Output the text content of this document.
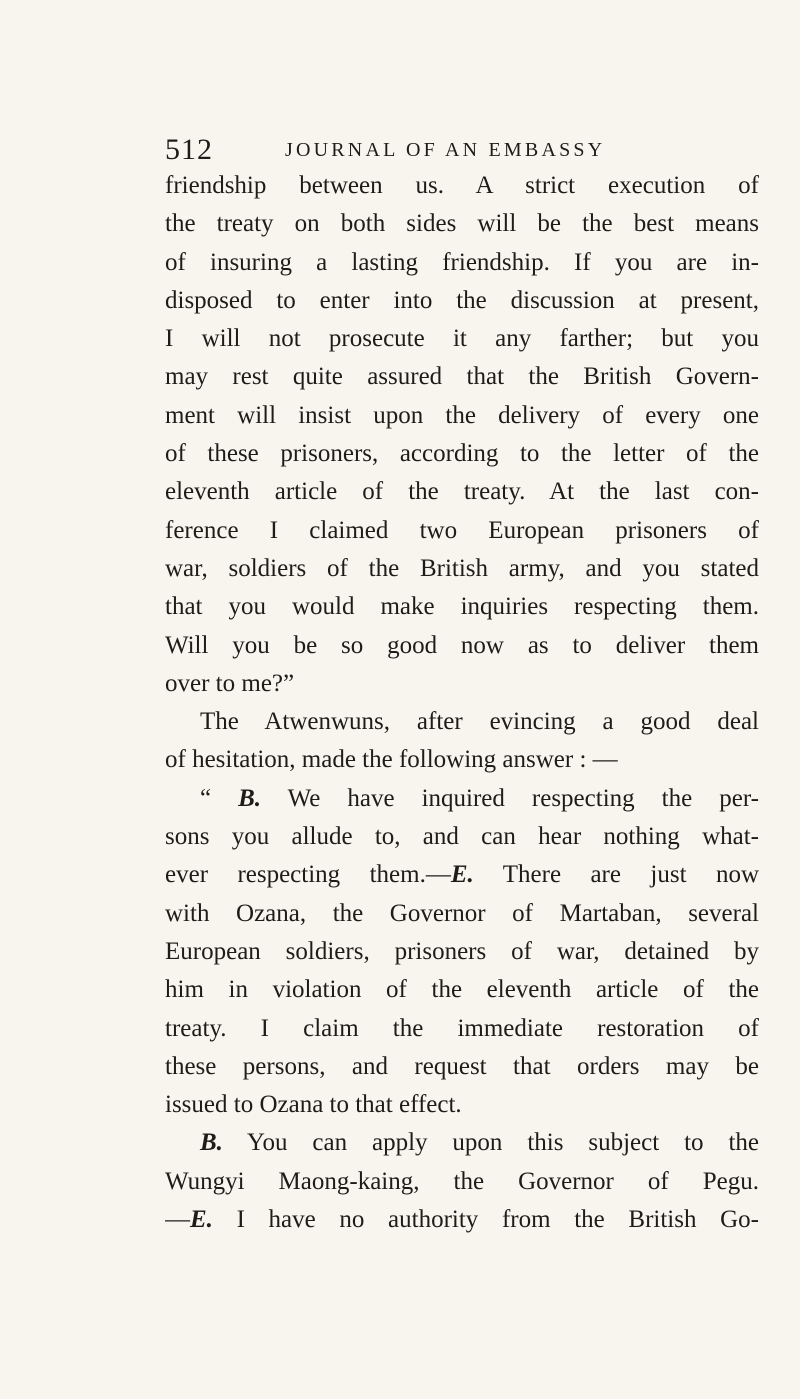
512	JOURNAL OF AN EMBASSY
friendship between us. A strict execution of
the treaty on both sides will be the best means
of insuring a lasting friendship. If you are in-
disposed to enter into the discussion at present,
I will not prosecute it any farther; but you
may rest quite assured that the British Govern-
ment will insist upon the delivery of every one
of these prisoners, according to the letter of the
eleventh article of the treaty. At the last con-
ference I claimed two European prisoners of
war, soldiers of the British army, and you stated
that you would make inquiries respecting them.
Will you be so good now as to deliver them
over to me?”
The Atwenwuns, after evincing a good deal
of hesitation, made the following answer : —
“ B. We have inquired respecting the per-
sons you allude to, and can hear nothing what-
ever respecting them.—E. There are just now
with Ozana, the Governor of Martaban, several
European soldiers, prisoners of war, detained by
him in violation of the eleventh article of the
treaty. I claim the immediate restoration of
these persons, and request that orders may be
issued to Ozana to that effect.
B. You can apply upon this subject to the
Wungyi Maong-kaing, the Governor of Pegu.
—E. I have no authority from the British Go-
